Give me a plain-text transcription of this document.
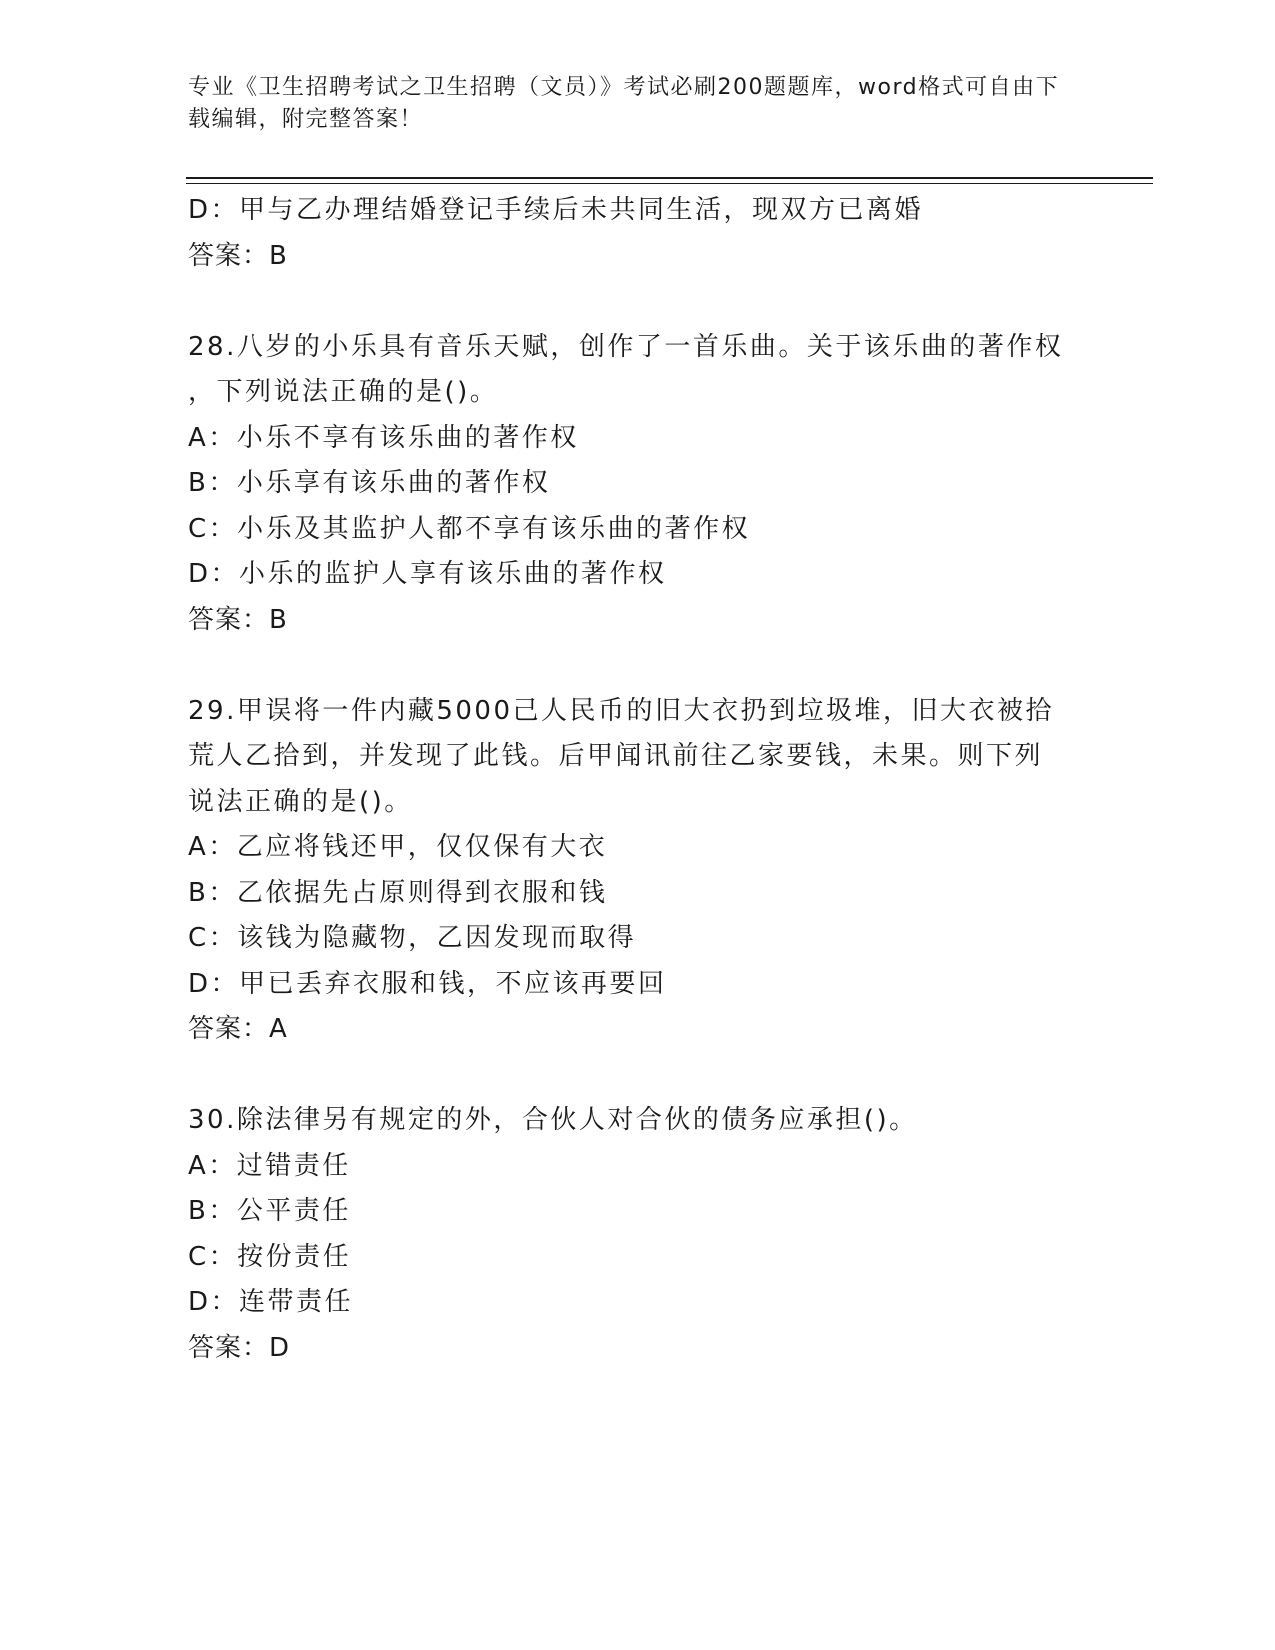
专业《卫生招聘考试之卫生招聘（文员）》考试必刷200题题库，word格式可自由下载编辑，附完整答案！
D：甲与乙办理结婚登记手续后未共同生活，现双方已离婚
答案：B
28.八岁的小乐具有音乐天赋，创作了一首乐曲。关于该乐曲的著作权
，下列说法正确的是()。
A：小乐不享有该乐曲的著作权
B：小乐享有该乐曲的著作权
C：小乐及其监护人都不享有该乐曲的著作权
D：小乐的监护人享有该乐曲的著作权
答案：B
29.甲误将一件内藏5000己人民币的旧大衣扔到垃圾堆，旧大衣被拾
荒人乙拾到，并发现了此钱。后甲闻讯前往乙家要钱，未果。则下列
说法正确的是()。
A：乙应将钱还甲，仅仅保有大衣
B：乙依据先占原则得到衣服和钱
C：该钱为隐藏物，乙因发现而取得
D：甲已丢弃衣服和钱，不应该再要回
答案：A
30.除法律另有规定的外，合伙人对合伙的债务应承担()。
A：过错责任
B：公平责任
C：按份责任
D：连带责任
答案：D
